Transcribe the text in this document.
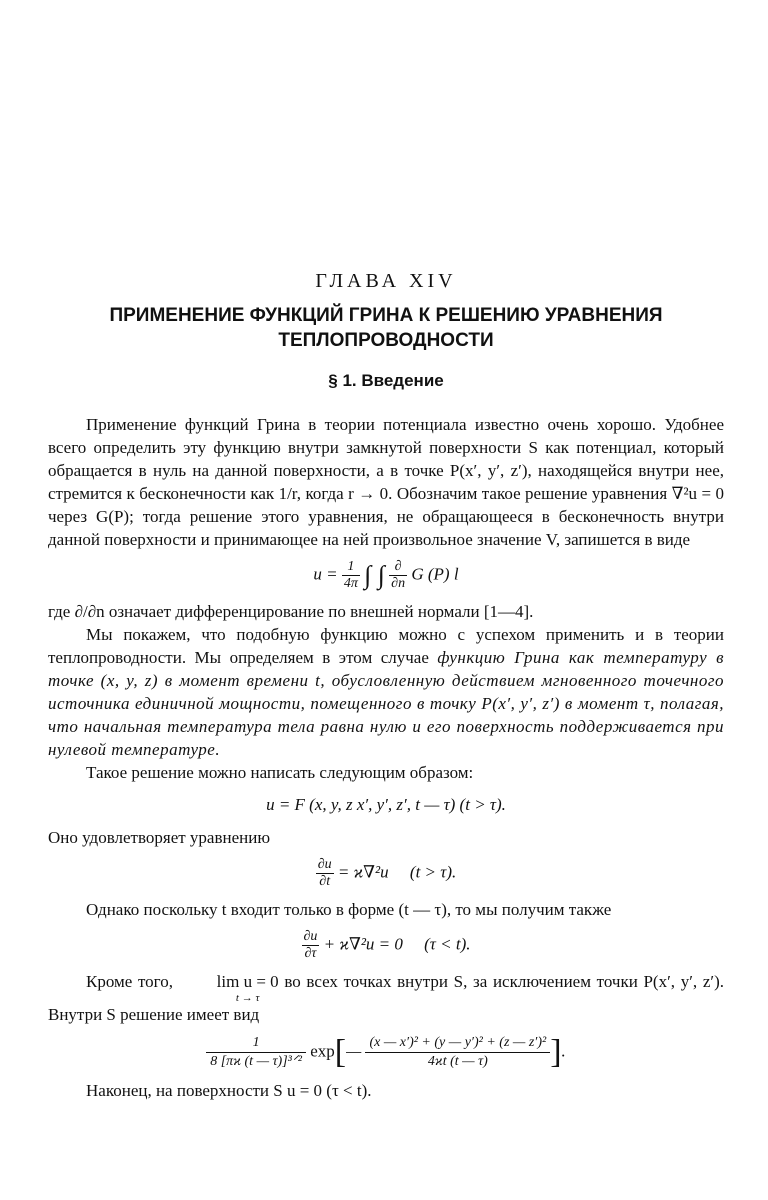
ГЛАВА XIV
ПРИМЕНЕНИЕ ФУНКЦИЙ ГРИНА К РЕШЕНИЮ УРАВНЕНИЯ
ТЕПЛОПРОВОДНОСТИ
§ 1. Введение

Применение функций Грина в теории потенциала известно очень хорошо. Удобнее всего определить эту функцию внутри замкнутой поверхности S как потенциал, который обращается в нуль на данной поверхности, а в точке P(x′, y′, z′), находящейся внутри нее, стремится к бесконечности как 1/r, когда r → 0. Обозначим такое решение уравнения ∇²u = 0 через G(P); тогда решение этого уравнения, не обращающееся в бесконечность внутри данной поверхности и принимающее на ней произвольное значение V, запишется в виде

$u = \frac{1}{4\pi}$ ∫ ∫ $\frac{\partial}{\partial n}$ G (P) l

где ∂/∂n означает дифференцирование по внешней нормали [1—4].

Мы покажем, что подобную функцию можно с успехом применить и в теории теплопроводности. Мы определяем в этом случае функцию Грина как температуру в точке (x, y, z) в момент времени t, обусловленную действием мгновенного точечного источника единичной мощности, помещенного в точку P(x′, y′, z′) в момент τ, полагая, что начальная температура тела равна нулю и его поверхность поддерживается при нулевой температуре.

Такое решение можно написать следующим образом:

u = F (x, y, z x′, y′, z′, t — τ) (t > τ).

Оно удовлетворяет уравнению

$\frac{\partial u}{\partial t} = ϰ\nabla^2u$ (t > τ).

Однако поскольку t входит только в форме (t — τ), то мы получим также

$\frac{\partial u}{\partial\tau} + ϰ\nabla^2u = 0$ (τ < t).

Кроме того,	lim u = 0
t → τ
во всех точках внутри S, за исключением точки P(x′, y′, z′). Внутри S решение имеет вид

$\frac{1}{\text{8 [πϰ (t — τ)]³ᐟ²}}$ exp[— $\frac{\text{(x — x′)² + (y — y′)² + (z — z′)²}}{4ϰt (t — \tau)}$ ].

Наконец, на поверхности S u = 0 (τ < t).
